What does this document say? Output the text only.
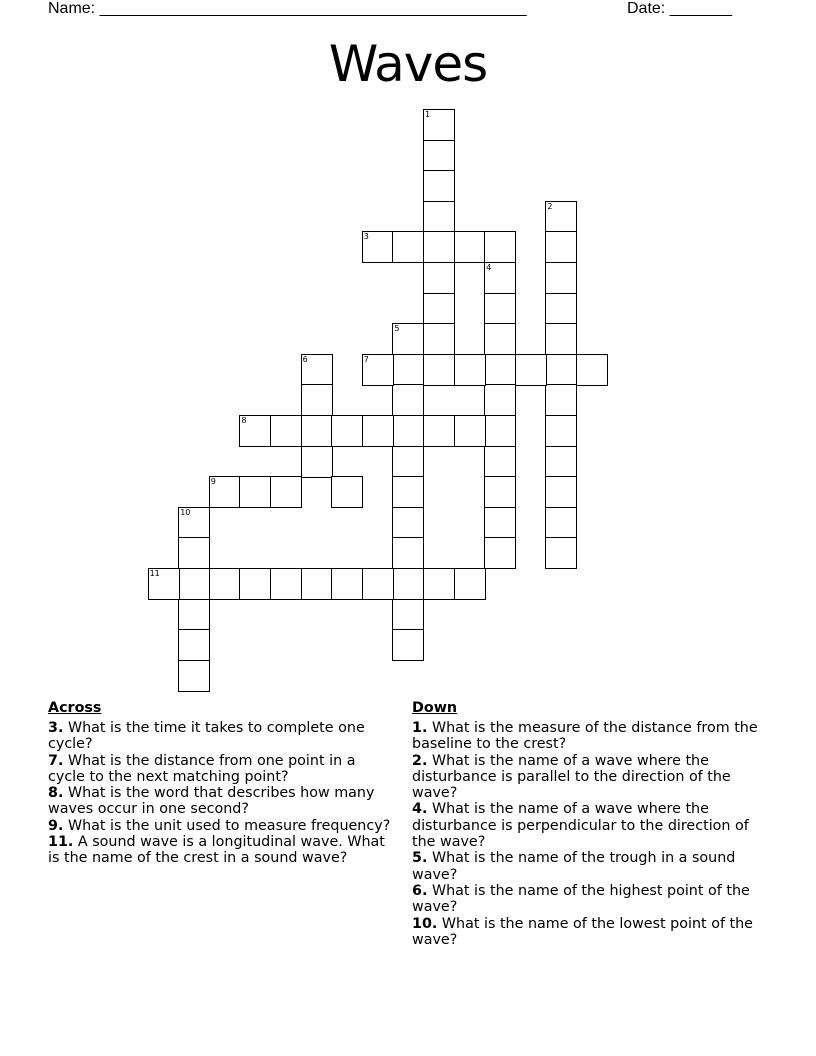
Name: ________________________________________________	Date: _______
Waves
1
2
3
4
5
6	7
8
9
10
11
Across
3. What is the time it takes to complete one cycle?
7. What is the distance from one point in a cycle to the next matching point?
8. What is the word that describes how many waves occur in one second?
9. What is the unit used to measure frequency?
11. A sound wave is a longitudinal wave. What is the name of the crest in a sound wave?
Down
1. What is the measure of the distance from the baseline to the crest?
2. What is the name of a wave where the disturbance is parallel to the direction of the wave?
4. What is the name of a wave where the disturbance is perpendicular to the direction of the wave?
5. What is the name of the trough in a sound wave?
6. What is the name of the highest point of the wave?
10. What is the name of the lowest point of the wave?
